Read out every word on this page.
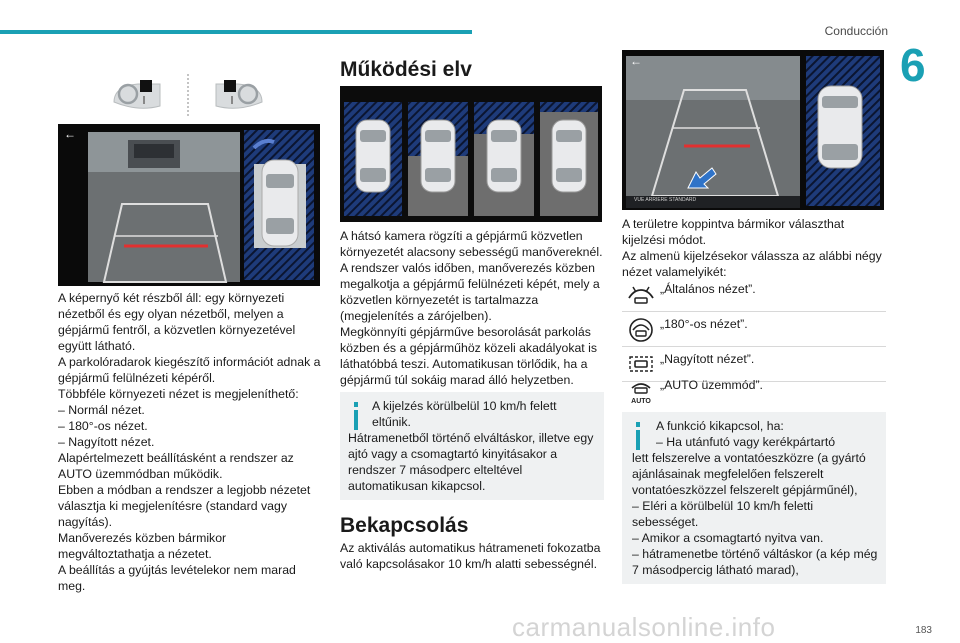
Conducción
6
←

A képernyő két részből áll: egy környezeti nézetből és egy olyan nézetből, melyen a gépjármű fentről, a közvetlen környezetével együtt látható.

A parkolóradarok kiegészítő információt adnak a gépjármű felülnézeti képéről.

Többféle környezeti nézet is megjeleníthető:

– Normál nézet.

– 180°-os nézet.

– Nagyított nézet.

Alapértelmezett beállításként a rendszer az AUTO üzemmódban működik.

Ebben a módban a rendszer a legjobb nézetet választja ki megjelenítésre (standard vagy nagyítás).

Manőverezés közben bármikor megváltoztathatja a nézetet.

A beállítás a gyújtás levételekor nem marad meg.

Működési elv

A hátsó kamera rögzíti a gépjármű közvetlen környezetét alacsony sebességű manővereknél.

A rendszer valós időben, manőverezés közben megalkotja a gépjármű felülnézeti képét, mely a közvetlen környezetét is tartalmazza (megjelenítés a zárójelben).

Megkönnyíti gépjárműve besorolását parkolás közben és a gépjárműhöz közeli akadályokat is láthatóbbá teszi. Automatikusan törlődik, ha a gépjármű túl sokáig marad álló helyzetben.

A kijelzés körülbelül 10 km/h felett eltűnik.
Hátramenetből történő elváltáskor, illetve egy ajtó vagy a csomagtartó kinyitásakor a rendszer 7 másodperc elteltével automatikusan kikapcsol.
Bekapcsolás
Az aktiválás automatikus hátrameneti fokozatba való kapcsolásakor 10 km/h alatti sebességnél.
←
VUE ARRIERE STANDARD

A területre koppintva bármikor választhat kijelzési módot.

Az almenü kijelzésekor válassza az alábbi négy nézet valamelyikét:

„Általános nézet”.
„180°-os nézet”.
„Nagyított nézet”.
AUTO
„AUTO üzemmód”.
A funkció kikapcsol, ha:
– Ha utánfutó vagy kerékpártartó

lett felszerelve a vontatóeszközre (a gyártó ajánlásainak megfelelően felszerelt vontatóeszközzel felszerelt gépjárműnél),

– Eléri a körülbelül 10 km/h feletti sebességet.

– Amikor a csomagtartó nyitva van.

– hátramenetbe történő váltáskor (a kép még 7 másodpercig látható marad),

carmanualsonline.info	183
